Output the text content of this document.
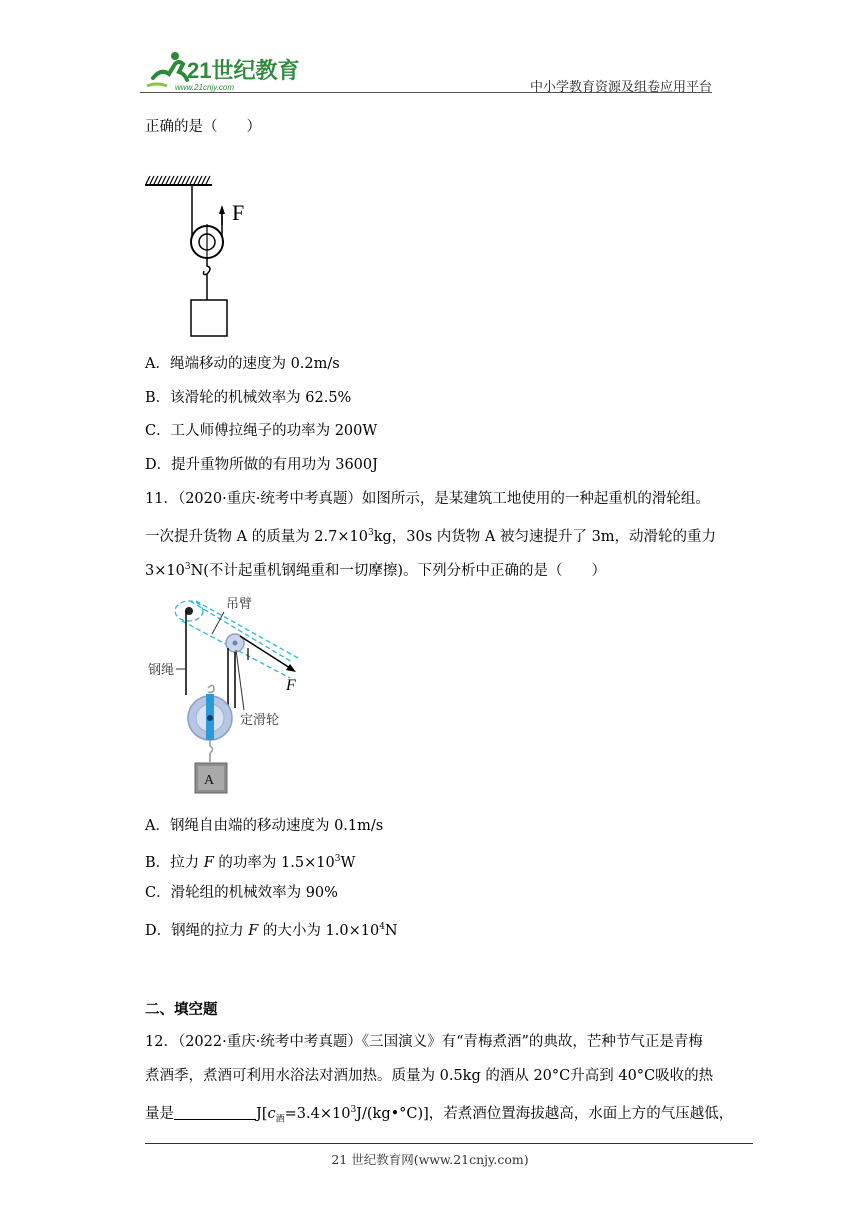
21世纪教育
www.21cnjy.com	中小学教育资源及组卷应用平台
正确的是（　　）
F
A．绳端移动的速度为 0.2m/s
B．该滑轮的机械效率为 62.5%
C．工人师傅拉绳子的功率为 200W
D．提升重物所做的有用功为 3600J
11．（2020·重庆·统考中考真题）如图所示，是某建筑工地使用的一种起重机的滑轮组。
一次提升货物 A 的质量为 $2.7\times 10^3kg$，30s 内货物 A 被匀速提升了 3m，动滑轮的重力
$3\times 10^3N$(不计起重机钢绳重和一切摩擦)。下列分析中正确的是（　　）
吊臂
F
钢绳
定滑轮
A
A．钢绳自由端的移动速度为 0.1m/s
B．拉力 F 的功率为 $1.5\times 10^3W$
C．滑轮组的机械效率为 90%
D．钢绳的拉力 F 的大小为 $1.0\times 10^4N$
二、填空题
12．（2022·重庆·统考中考真题）《三国演义》有“青梅煮酒”的典故，芒种节气正是青梅
煮酒季，煮酒可利用水浴法对酒加热。质量为 0.5kg 的酒从 20°C升高到 40°C吸收的热
量是	$J[c_酒=3.4\times 10^3J/(kg•^\circ C)]$，若煮酒位置海拔越高，水面上方的气压越低，
21 世纪教育网(www.21cnjy.com)
